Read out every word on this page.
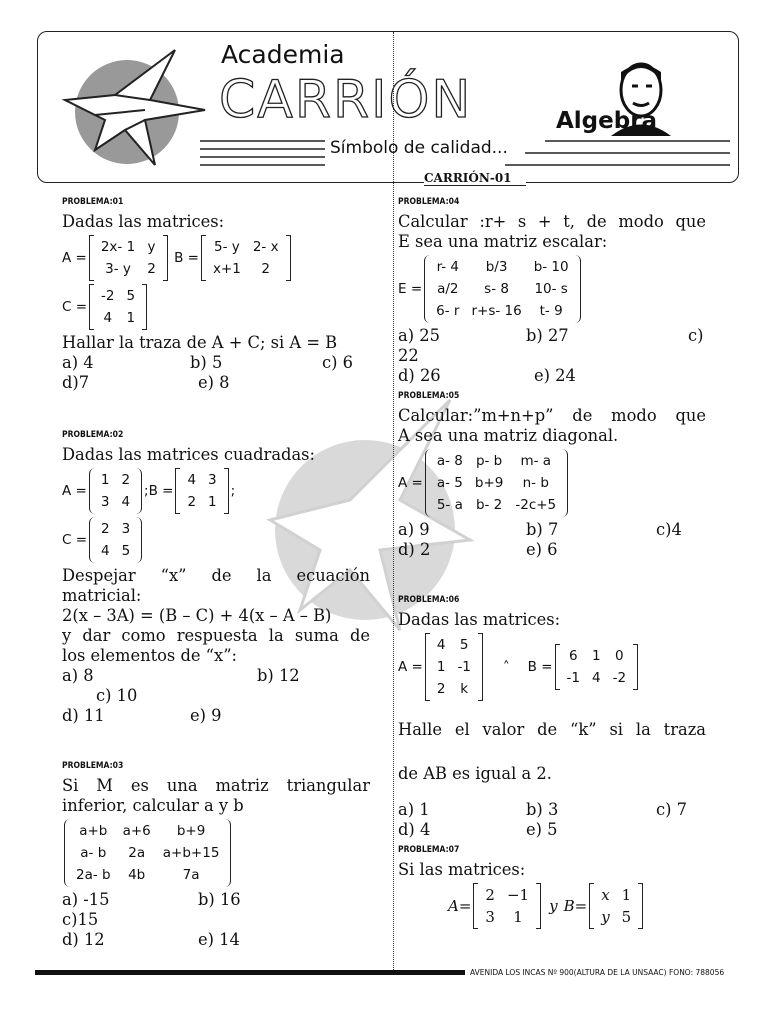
Academia
CARRIÓN
Símbolo de calidad...
Algebra
CARRIÓN-01
PROBLEMA:01
Dadas las matrices:
A =
2x- 1	y
3- y	2
B =
5- y	2- x
x+1	2
C =
-2	5
4	1
Hallar la traza de A + C; si A = B
a) 4	b) 5	c) 6
d)7	e) 8
PROBLEMA:02
Dadas las matrices cuadradas:
A =
1	2
3	4
;B =
4	3
2	1
;
C =
2	3
4	5
Despejar “x” de la ecuación
matricial:
2(x – 3A) = (B – C) + 4(x – A – B)
y dar como respuesta la suma de
los elementos de “x”:
a) 8	b) 12
c) 10
d) 11	e) 9
PROBLEMA:03
Si M es una matriz triangular
inferior, calcular a y b
a+b	a+6	b+9
a- b	2a	a+b+15
2a- b	4b	7a
a) -15	b) 16
c)15
d) 12	e) 14
PROBLEMA:04
Calcular :r+ s + t, de modo que
E sea una matriz escalar:
E =
r- 4	b/3	b- 10
a/2	s- 8	10- s
6- r	r+s- 16	t- 9
a) 25	b) 27	c)
22
d) 26	e) 24
PROBLEMA:05
Calcular:”m+n+p” de modo que
A sea una matriz diagonal.
A =
a- 8	p- b	m- a
a- 5	b+9	n- b
5- a	b- 2	-2c+5
a) 9	b) 7	c)4
d) 2	e) 6
PROBLEMA:06
Dadas las matrices:
A =
4	5
1	-1
2	k
˄ B =
6	1	0
-1	4	-2
Halle el valor de “k” si la traza
de AB es igual a 2.
a) 1	b) 3	c) 7
d) 4	e) 5
PROBLEMA:07
Si las matrices:
A =
2	−1
3	1
y B =
x	1
y	5
AVENIDA LOS INCAS Nº 900(ALTURA DE LA UNSAAC) FONO: 788056
